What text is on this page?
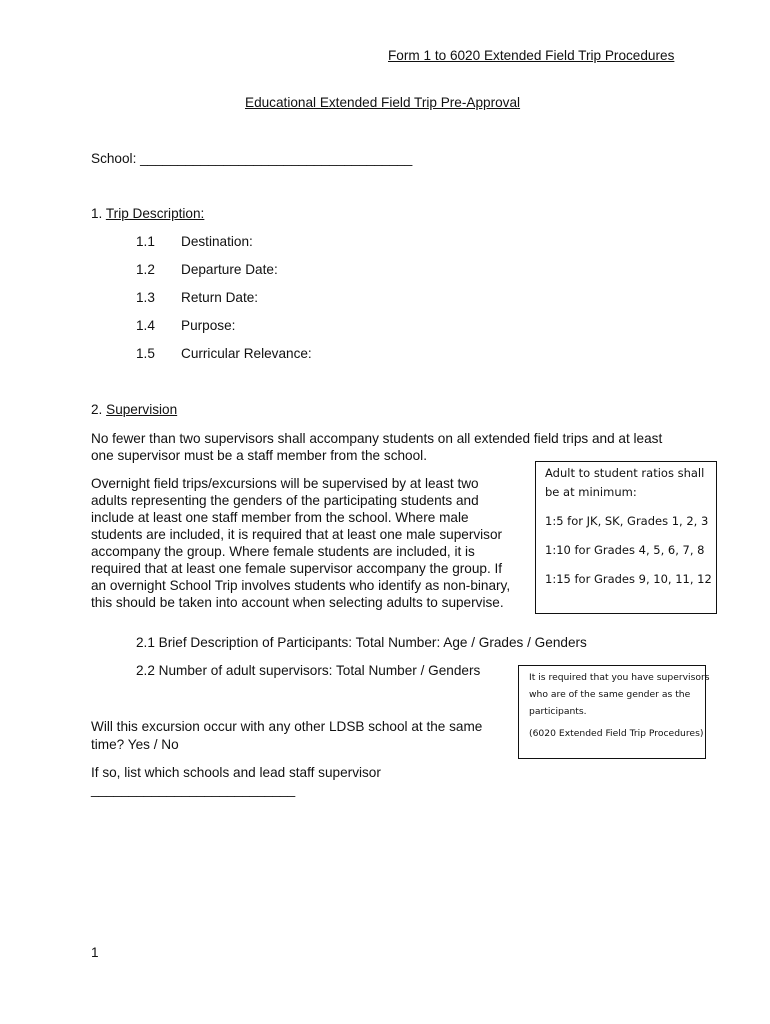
Form 1 to 6020 Extended Field Trip Procedures
Educational Extended Field Trip Pre-Approval
School: ____________________________________
1. Trip Description:
1.1 Destination:
1.2 Departure Date:
1.3 Return Date:
1.4 Purpose:
1.5 Curricular Relevance:
2. Supervision
No fewer than two supervisors shall accompany students on all extended field trips and at least
one supervisor must be a staff member from the school.
Overnight field trips/excursions will be supervised by at least two
adults representing the genders of the participating students and
include at least one staff member from the school. Where male
students are included, it is required that at least one male supervisor
accompany the group. Where female students are included, it is
required that at least one female supervisor accompany the group. If
an overnight School Trip involves students who identify as non-binary,
this should be taken into account when selecting adults to supervise.
Adult to student ratios shall
be at minimum:
1:5 for JK, SK, Grades 1, 2, 3
1:10 for Grades 4, 5, 6, 7, 8
1:15 for Grades 9, 10, 11, 12
2.1 Brief Description of Participants: Total Number: Age / Grades / Genders
2.2 Number of adult supervisors: Total Number / Genders	It is required that you have supervisors
who are of the same gender as the
participants.
(6020 Extended Field Trip Procedures)
Will this excursion occur with any other LDSB school at the same
time? Yes / No
If so, list which schools and lead staff supervisor
___________________________
1
